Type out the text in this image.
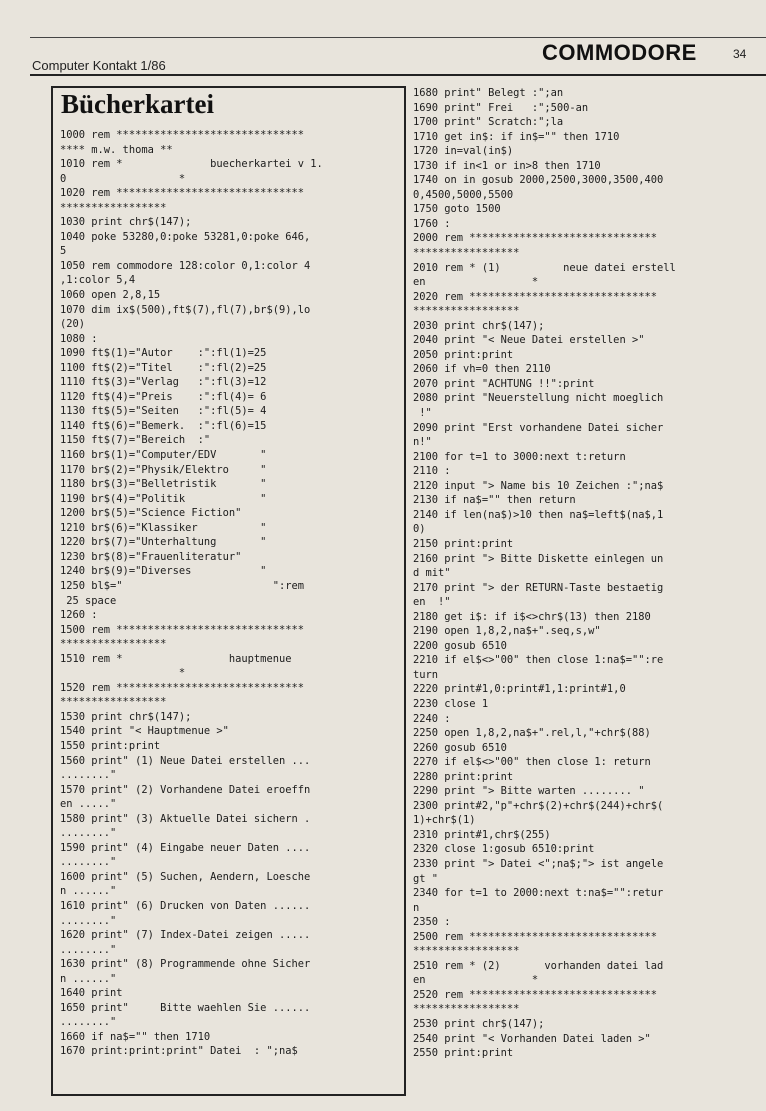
Computer Kontakt 1/86
COMMODORE	34
Bücherkartei
1000 rem ******************************
**** m.w. thoma **
1010 rem *              buecherkartei v 1.
0                  *
1020 rem ******************************
*****************
1030 print chr$(147);
1040 poke 53280,0:poke 53281,0:poke 646,
5
1050 rem commodore 128:color 0,1:color 4
,1:color 5,4
1060 open 2,8,15
1070 dim ix$(500),ft$(7),fl(7),br$(9),lo
(20)
1080 :
1090 ft$(1)="Autor    :":fl(1)=25
1100 ft$(2)="Titel    :":fl(2)=25
1110 ft$(3)="Verlag   :":fl(3)=12
1120 ft$(4)="Preis    :":fl(4)= 6
1130 ft$(5)="Seiten   :":fl(5)= 4
1140 ft$(6)="Bemerk.  :":fl(6)=15
1150 ft$(7)="Bereich  :"
1160 br$(1)="Computer/EDV       "
1170 br$(2)="Physik/Elektro     "
1180 br$(3)="Belletristik       "
1190 br$(4)="Politik            "
1200 br$(5)="Science Fiction"
1210 br$(6)="Klassiker          "
1220 br$(7)="Unterhaltung       "
1230 br$(8)="Frauenliteratur"
1240 br$(9)="Diverses           "
1250 bl$="                        ":rem
25 space
1260 :
1500 rem ******************************
*****************
1510 rem *                 hauptmenue
*
1520 rem ******************************
*****************
1530 print chr$(147);
1540 print "< Hauptmenue >"
1550 print:print
1560 print" (1) Neue Datei erstellen ...
........"
1570 print" (2) Vorhandene Datei eroeffn
en ....."
1580 print" (3) Aktuelle Datei sichern .
........"
1590 print" (4) Eingabe neuer Daten ....
........"
1600 print" (5) Suchen, Aendern, Loesche
n ......"
1610 print" (6) Drucken von Daten ......
........"
1620 print" (7) Index-Datei zeigen .....
........"
1630 print" (8) Programmende ohne Sicher
n ......"
1640 print
1650 print"     Bitte waehlen Sie ......
........"
1660 if na$="" then 1710
1670 print:print:print" Datei  : ";na$
1680 print" Belegt :";an
1690 print" Frei   :";500-an
1700 print" Scratch:";la
1710 get in$: if in$="" then 1710
1720 in=val(in$)
1730 if in<1 or in>8 then 1710
1740 on in gosub 2000,2500,3000,3500,400
0,4500,5000,5500
1750 goto 1500
1760 :
2000 rem ******************************
*****************
2010 rem * (1)          neue datei erstell
en                 *
2020 rem ******************************
*****************
2030 print chr$(147);
2040 print "< Neue Datei erstellen >"
2050 print:print
2060 if vh=0 then 2110
2070 print "ACHTUNG !!":print
2080 print "Neuerstellung nicht moeglich
!"
2090 print "Erst vorhandene Datei sicher
n!"
2100 for t=1 to 3000:next t:return
2110 :
2120 input "> Name bis 10 Zeichen :";na$
2130 if na$="" then return
2140 if len(na$)>10 then na$=left$(na$,1
0)
2150 print:print
2160 print "> Bitte Diskette einlegen un
d mit"
2170 print "> der RETURN-Taste bestaetig
en  !"
2180 get i$: if i$<>chr$(13) then 2180
2190 open 1,8,2,na$+".seq,s,w"
2200 gosub 6510
2210 if el$<>"00" then close 1:na$="":re
turn
2220 print#1,0:print#1,1:print#1,0
2230 close 1
2240 :
2250 open 1,8,2,na$+".rel,l,"+chr$(88)
2260 gosub 6510
2270 if el$<>"00" then close 1: return
2280 print:print
2290 print "> Bitte warten ........ "
2300 print#2,"p"+chr$(2)+chr$(244)+chr$(
1)+chr$(1)
2310 print#1,chr$(255)
2320 close 1:gosub 6510:print
2330 print "> Datei <";na$;"> ist angele
gt "
2340 for t=1 to 2000:next t:na$="":retur
n
2350 :
2500 rem ******************************
*****************
2510 rem * (2)       vorhanden datei lad
en                 *
2520 rem ******************************
*****************
2530 print chr$(147);
2540 print "< Vorhanden Datei laden >"
2550 print:print
